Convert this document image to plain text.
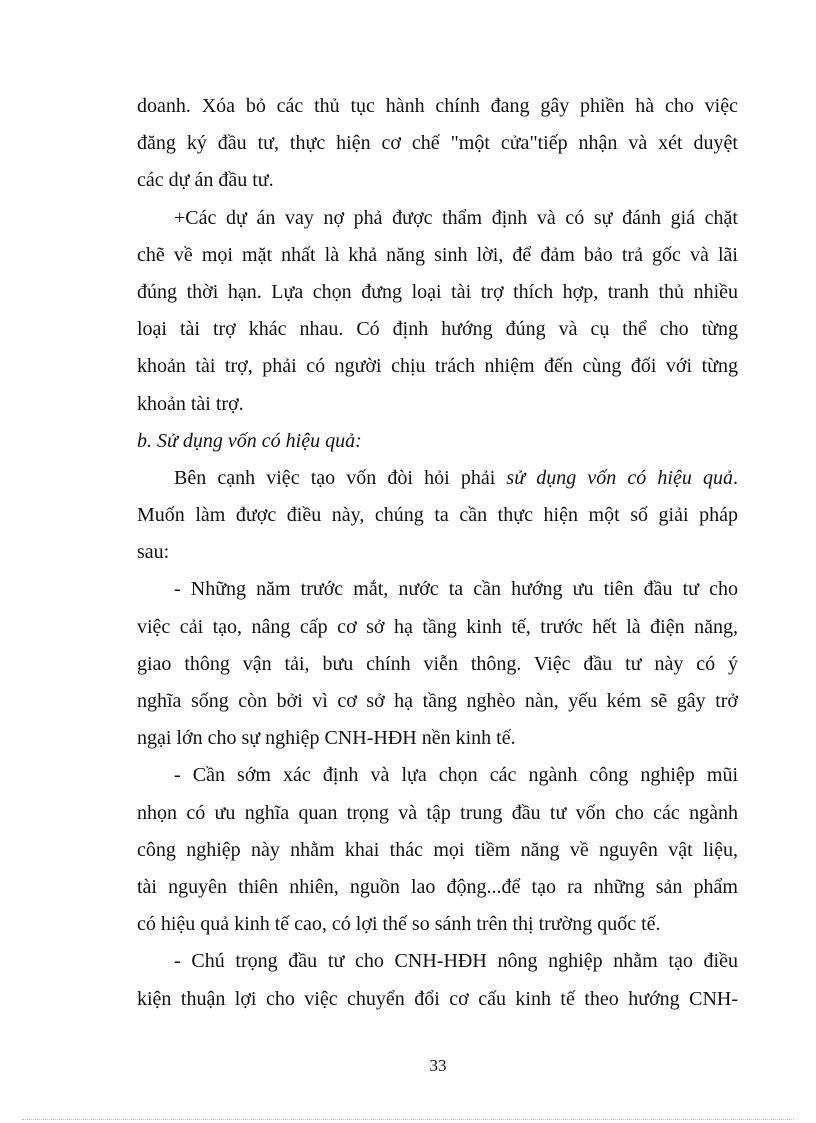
doanh. Xóa bỏ các thủ tục hành chính đang gây phiền hà cho việc
đăng ký đầu tư, thực hiện cơ chế "một cửa"tiếp nhận và xét duyệt
các dự án đầu tư.
+Các dự án vay nợ phả được thẩm định và có sự đánh giá chặt
chẽ về mọi mặt nhất là khả năng sinh lời, để đảm bảo trả gốc và lãi
đúng thời hạn. Lựa chọn đưng loại tài trợ thích hợp, tranh thủ nhiều
loại tài trợ khác nhau. Có định hướng đúng và cụ thể cho từng
khoản tài trợ, phải có người chịu trách nhiệm đến cùng đối với từng
khoản tài trợ.
b. Sử dụng vốn có hiệu quả:
Bên cạnh việc tạo vốn đòi hỏi phải sử dụng vốn có hiệu quả.
Muốn làm được điều này, chúng ta cần thực hiện một số giải pháp
sau:
- Những năm trước mắt, nước ta cần hướng ưu tiên đầu tư cho
việc cải tạo, nâng cấp cơ sở hạ tầng kinh tế, trước hết là điện năng,
giao thông vận tải, bưu chính viễn thông. Việc đầu tư này có ý
nghĩa sống còn bởi vì cơ sở hạ tầng nghèo nàn, yếu kém sẽ gây trở
ngại lớn cho sự nghiệp CNH-HĐH nền kinh tế.
- Cần sớm xác định và lựa chọn các ngành công nghiệp mũi
nhọn có ưu nghĩa quan trọng và tập trung đầu tư vốn cho các ngành
công nghiệp này nhằm khai thác mọi tiềm năng về nguyên vật liệu,
tài nguyên thiên nhiên, nguồn lao động...để tạo ra những sản phẩm
có hiệu quả kinh tế cao, có lợi thế so sánh trên thị trường quốc tế.
- Chú trọng đầu tư cho CNH-HĐH nông nghiệp nhằm tạo điều
kiện thuận lợi cho việc chuyển đổi cơ cấu kinh tế theo hướng CNH-
33
